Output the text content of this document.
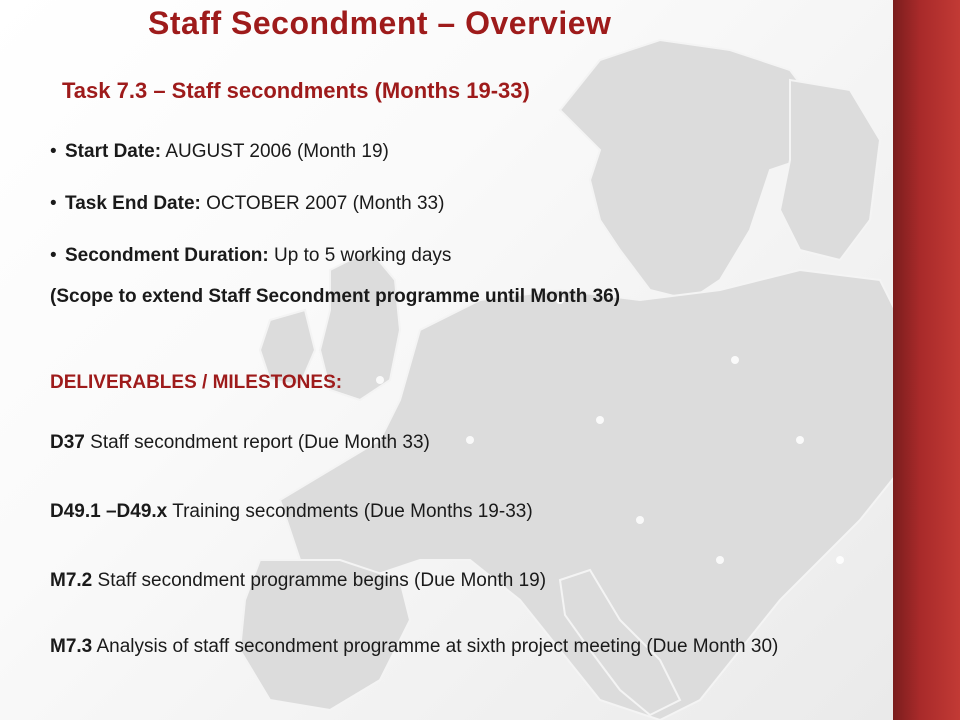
Staff Secondment – Overview
Task 7.3 – Staff secondments (Months 19-33)
• Start Date: AUGUST 2006 (Month 19)
• Task End Date: OCTOBER 2007 (Month 33)
• Secondment Duration: Up to 5 working days
(Scope to extend Staff Secondment programme until Month 36)
DELIVERABLES / MILESTONES:

D37 Staff secondment report (Due Month 33)

D49.1 –D49.x Training secondments (Due Months 19-33)

M7.2 Staff secondment programme begins (Due Month 19)

M7.3 Analysis of staff secondment programme at sixth project meeting (Due Month 30)
